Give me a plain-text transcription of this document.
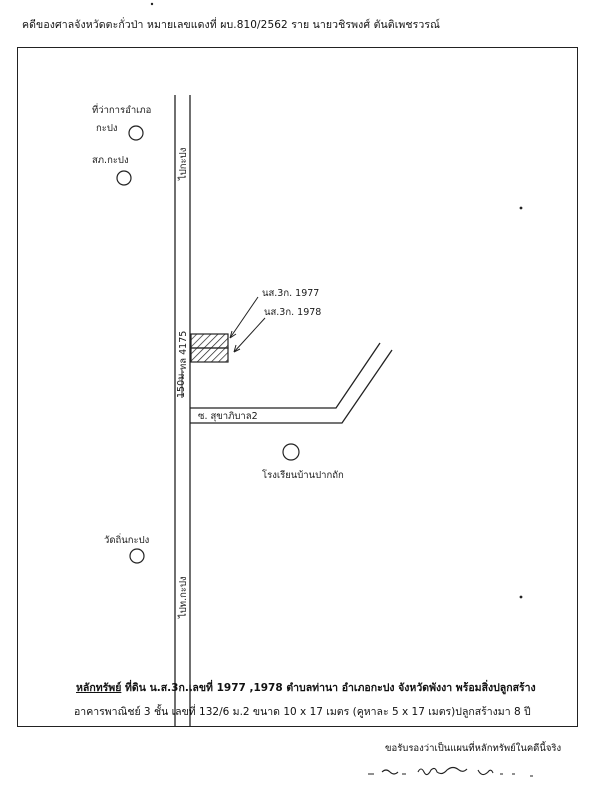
คดีของศาลจังหวัดตะกั่วป่า หมายเลขแดงที่ ผบ.810/2562 ราย นายวชิรพงศ์ ตันติเพชรวรณ์
ที่ว่าการอำเภอ
กะปง
สภ.กะปง	ไปกะปง
ทล 4175
150ม.
ไปท.กะปง
นส.3ก. 1977
นส.3ก. 1978
ซ. สุขาภิบาล2
โรงเรียนบ้านปากถัก
วัดถิ่นกะปง
หลักทรัพย์ ที่ดิน น.ส.3ก.เลขที่ 1977 ,1978 ตำบลท่านา อำเภอกะปง จังหวัดพังงา พร้อมสิ่งปลูกสร้าง
อาคารพาณิชย์ 3 ชั้น เลขที่ 132/6 ม.2 ขนาด 10 x 17 เมตร (คูหาละ 5 x 17 เมตร)ปลูกสร้างมา 8 ปี
ขอรับรองว่าเป็นแผนที่หลักทรัพย์ในคดีนี้จริง
